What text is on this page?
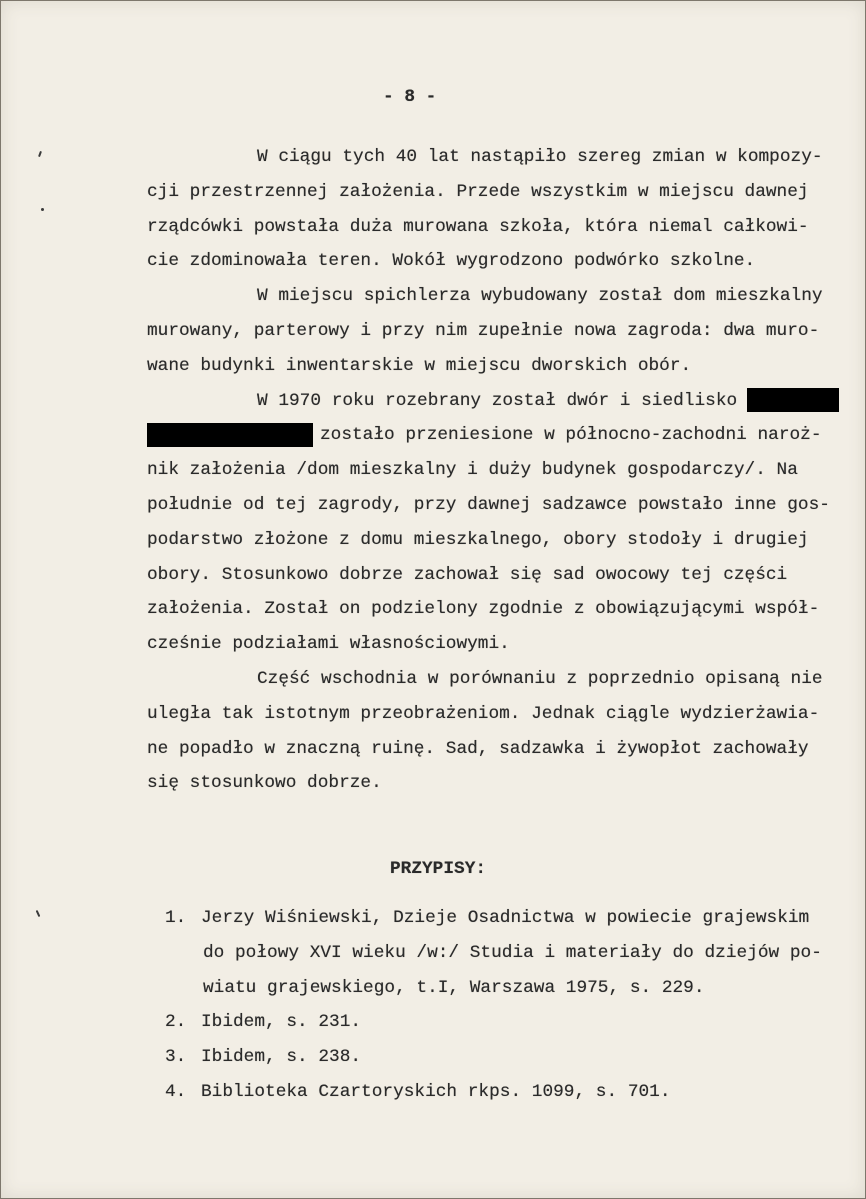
- 8 -
W ciągu tych 40 lat nastąpiło szereg zmian w kompozy-
cji przestrzennej założenia. Przede wszystkim w miejscu dawnej
rządcówki powstała duża murowana szkoła, która niemal całkowi-
cie zdominowała teren. Wokół wygrodzono podwórko szkolne.
W miejscu spichlerza wybudowany został dom mieszkalny
murowany, parterowy i przy nim zupełnie nowa zagroda: dwa muro-
wane budynki inwentarskie w miejscu dworskich obór.
W 1970 roku rozebrany został dwór i siedlisko
zostało przeniesione w północno-zachodni naroż-
nik założenia /dom mieszkalny i duży budynek gospodarczy/. Na
południe od tej zagrody, przy dawnej sadzawce powstało inne gos-
podarstwo złożone z domu mieszkalnego, obory stodoły i drugiej
obory. Stosunkowo dobrze zachował się sad owocowy tej części
założenia. Został on podzielony zgodnie z obowiązującymi współ-
cześnie podziałami własnościowymi.
Część wschodnia w porównaniu z poprzednio opisaną nie
uległa tak istotnym przeobrażeniom. Jednak ciągle wydzierżawia-
ne popadło w znaczną ruinę. Sad, sadzawka i żywopłot zachowały
się stosunkowo dobrze.
PRZYPISY:
1. Jerzy Wiśniewski, Dzieje Osadnictwa w powiecie grajewskim
do połowy XVI wieku /w:/ Studia i materiały do dziejów po-
wiatu grajewskiego, t.I, Warszawa 1975, s. 229.
2. Ibidem, s. 231.
3. Ibidem, s. 238.
4. Biblioteka Czartoryskich rkps. 1099, s. 701.
